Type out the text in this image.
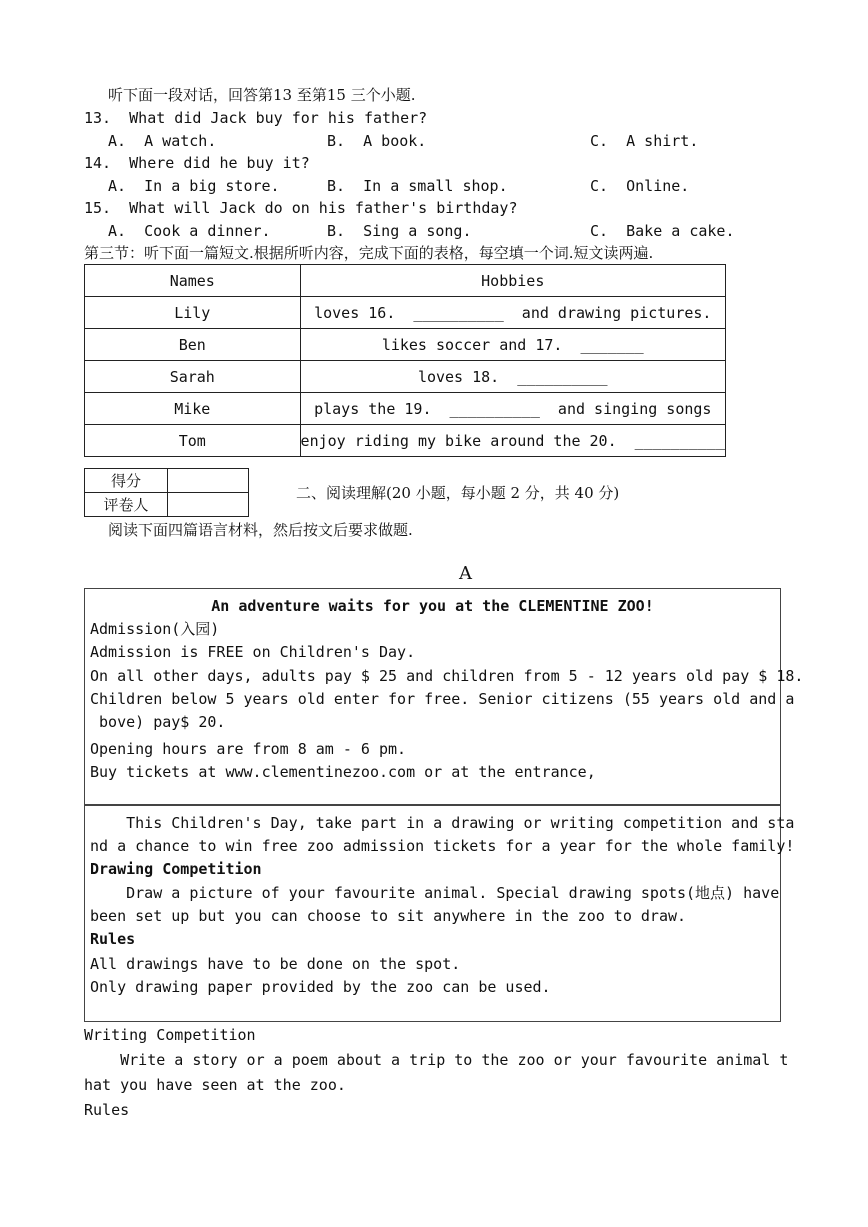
听下面一段对话，回答第13 至第15 三个小题.
13.  What did Jack buy for his father?
A.  A watch.	B.  A book.	C.  A shirt.
14.  Where did he buy it?
A.  In a big store.	B.  In a small shop.	C.  Online.
15.  What will Jack do on his father's birthday?
A.  Cook a dinner.	B.  Sing a song.	C.  Bake a cake.
第三节：听下面一篇短文.根据所听内容，完成下面的表格，每空填一个词.短文读两遍.
Names	Hobbies
Lily	loves 16.  __________  and drawing pictures.
Ben	likes soccer and 17.  _______
Sarah	loves 18.  __________
Mike	plays the 19.  __________  and singing songs
Tom	enjoy riding my bike around the 20.  __________
得分	
评卷人	
二、阅读理解(20 小题，每小题 2 分，共 40 分)
阅读下面四篇语言材料，然后按文后要求做题.
A
An adventure waits for you at the CLEMENTINE ZOO!
Admission(入园)
Admission is FREE on Children's Day.
On all other days, adults pay $ 25 and children from 5 - 12 years old pay $ 18.
Children below 5 years old enter for free. Senior citizens (55 years old and a
bove) pay$ 20.
Opening hours are from 8 am - 6 pm.
Buy tickets at www.clementinezoo.com or at the entrance,
This Children's Day, take part in a drawing or writing competition and sta
nd a chance to win free zoo admission tickets for a year for the whole family!
Drawing Competition
Draw a picture of your favourite animal. Special drawing spots(地点) have
been set up but you can choose to sit anywhere in the zoo to draw.
Rules
All drawings have to be done on the spot.
Only drawing paper provided by the zoo can be used.
Writing Competition
Write a story or a poem about a trip to the zoo or your favourite animal t
hat you have seen at the zoo.
Rules
